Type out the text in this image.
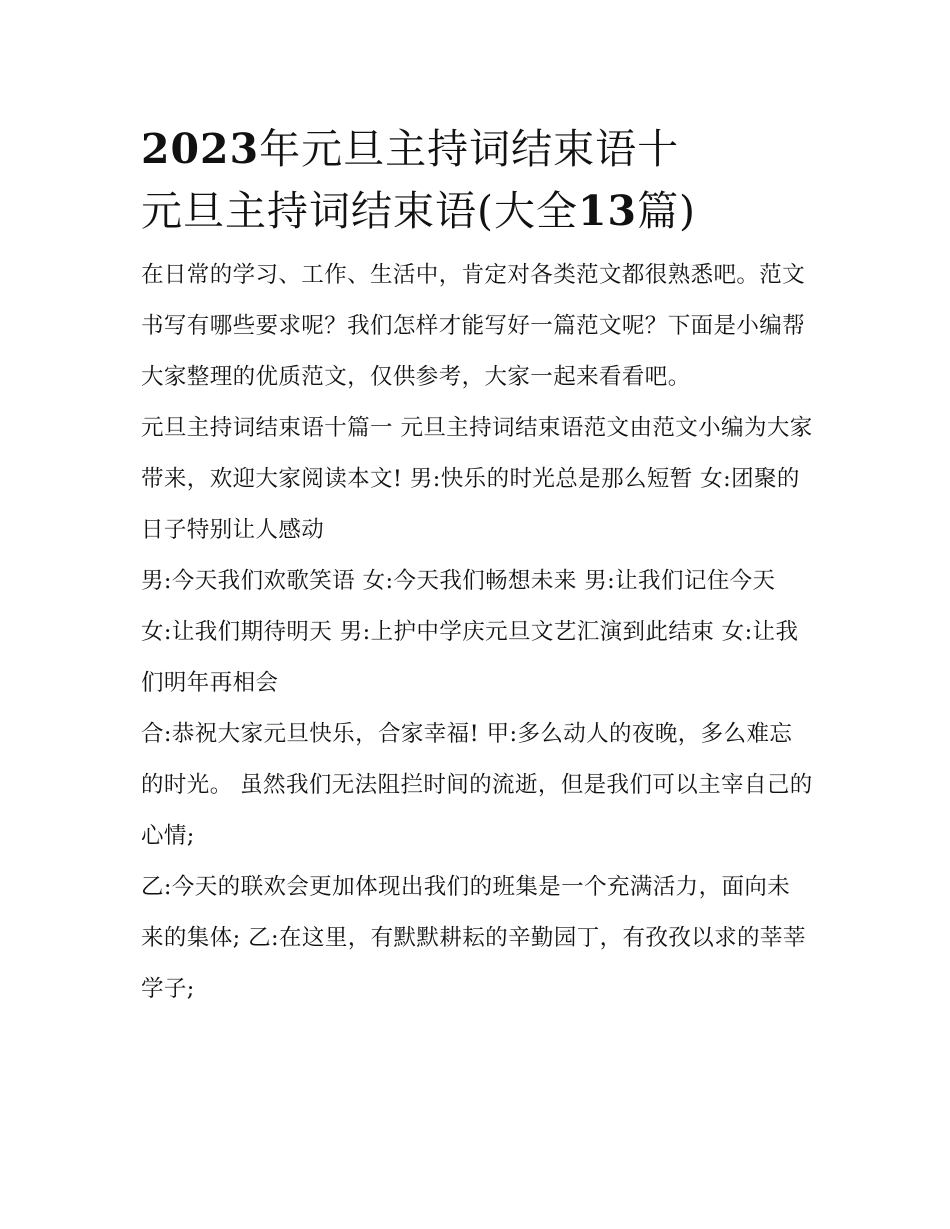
2023年元旦主持词结束语十
元旦主持词结束语(大全13篇)

在日常的学习、工作、生活中，肯定对各类范文都很熟悉吧。范文书写有哪些要求呢？我们怎样才能写好一篇范文呢？下面是小编帮大家整理的优质范文，仅供参考，大家一起来看看吧。

元旦主持词结束语十篇一 元旦主持词结束语范文由范文小编为大家带来，欢迎大家阅读本文! 男:快乐的时光总是那么短暂 女:团聚的日子特别让人感动

男:今天我们欢歌笑语 女:今天我们畅想未来 男:让我们记住今天 女:让我们期待明天 男:上护中学庆元旦文艺汇演到此结束 女:让我们明年再相会

合:恭祝大家元旦快乐，合家幸福! 甲:多么动人的夜晚，多么难忘的时光。 虽然我们无法阻拦时间的流逝，但是我们可以主宰自己的心情;

乙:今天的联欢会更加体现出我们的班集是一个充满活力，面向未来的集体; 乙:在这里，有默默耕耘的辛勤园丁，有孜孜以求的莘莘学子;
